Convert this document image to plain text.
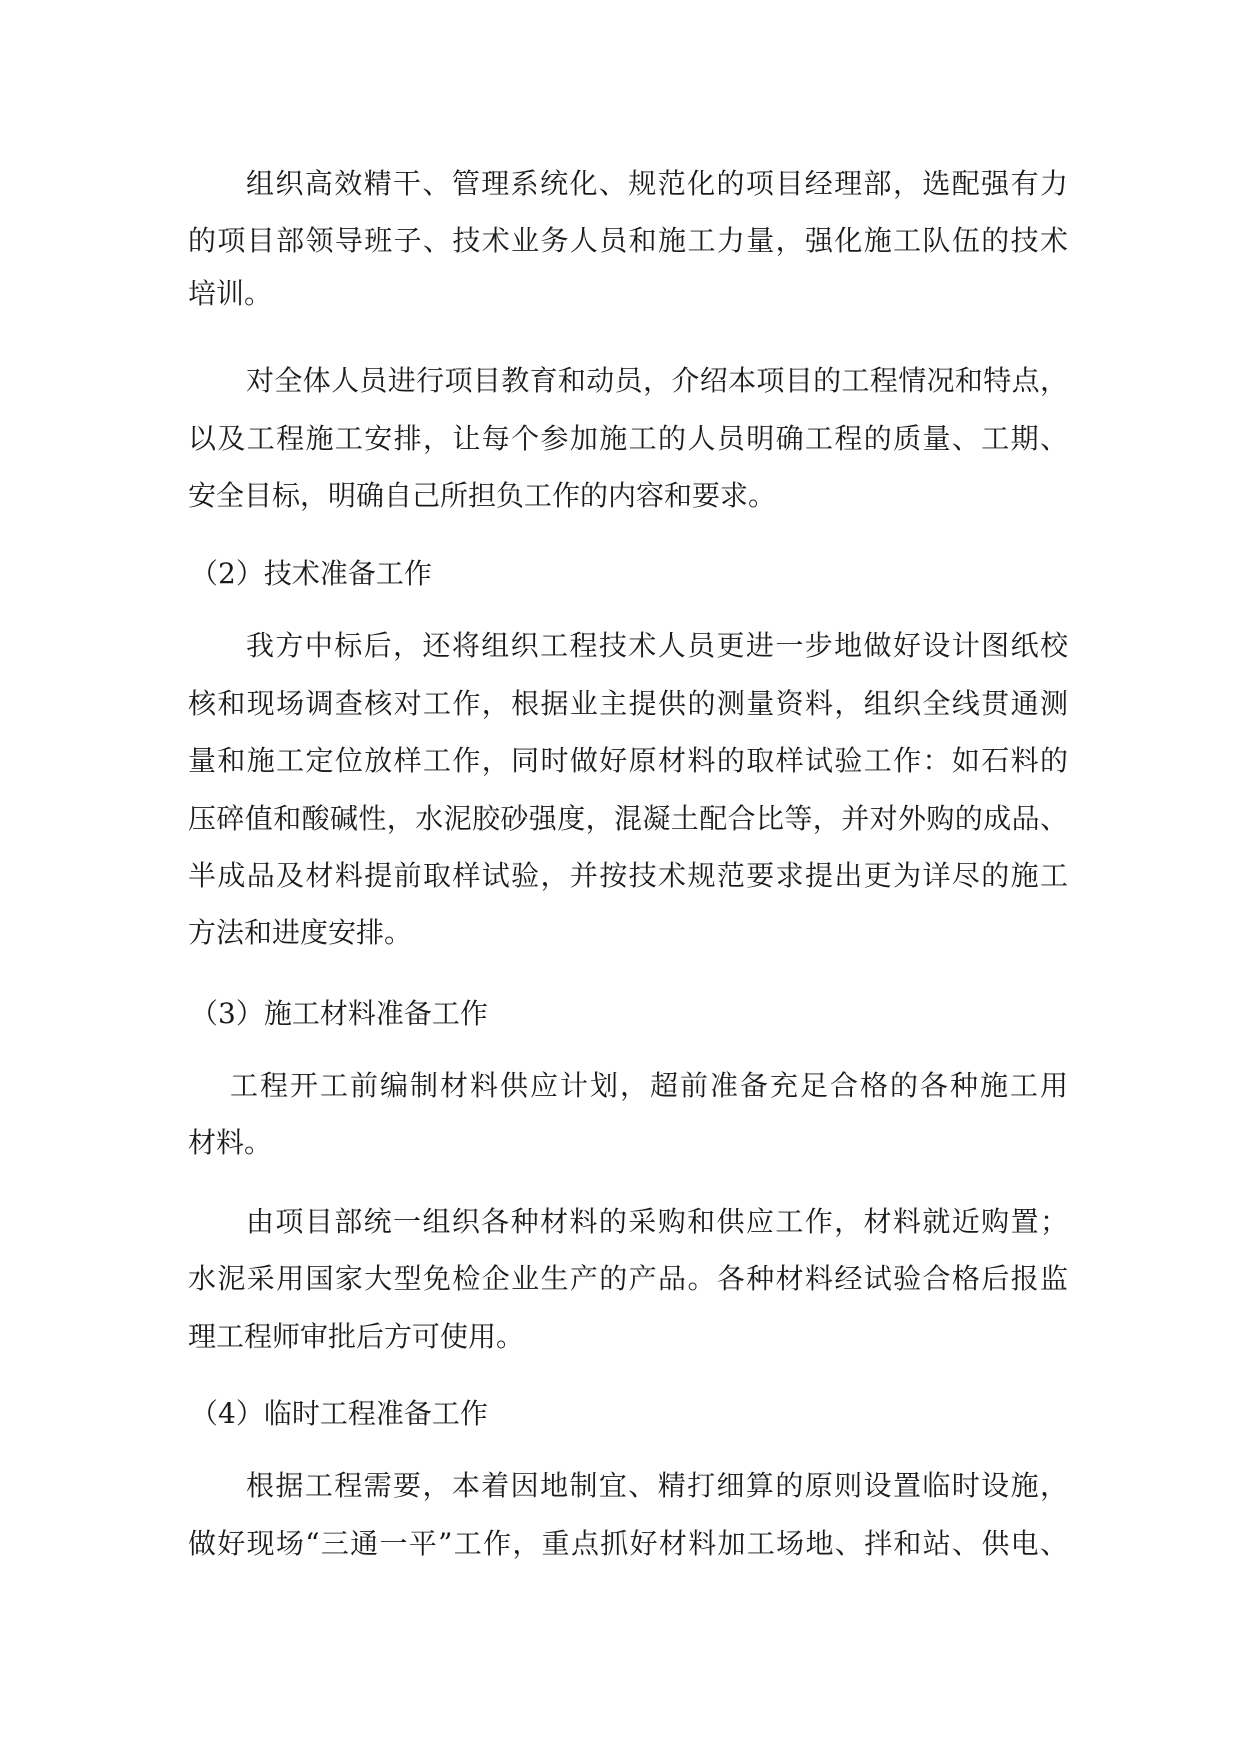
组织高效精干、管理系统化、规范化的项目经理部，选配强有力
的项目部领导班子、技术业务人员和施工力量，强化施工队伍的技术
培训。
对全体人员进行项目教育和动员，介绍本项目的工程情况和特点，
以及工程施工安排，让每个参加施工的人员明确工程的质量、工期、
安全目标，明确自己所担负工作的内容和要求。
（2）技术准备工作
我方中标后，还将组织工程技术人员更进一步地做好设计图纸校
核和现场调查核对工作，根据业主提供的测量资料，组织全线贯通测
量和施工定位放样工作，同时做好原材料的取样试验工作：如石料的
压碎值和酸碱性，水泥胶砂强度，混凝土配合比等，并对外购的成品、
半成品及材料提前取样试验，并按技术规范要求提出更为详尽的施工
方法和进度安排。
（3）施工材料准备工作
工程开工前编制材料供应计划，超前准备充足合格的各种施工用
材料。
由项目部统一组织各种材料的采购和供应工作，材料就近购置；
水泥采用国家大型免检企业生产的产品。各种材料经试验合格后报监
理工程师审批后方可使用。
（4）临时工程准备工作
根据工程需要，本着因地制宜、精打细算的原则设置临时设施，
做好现场“三通一平”工作，重点抓好材料加工场地、拌和站、供电、
